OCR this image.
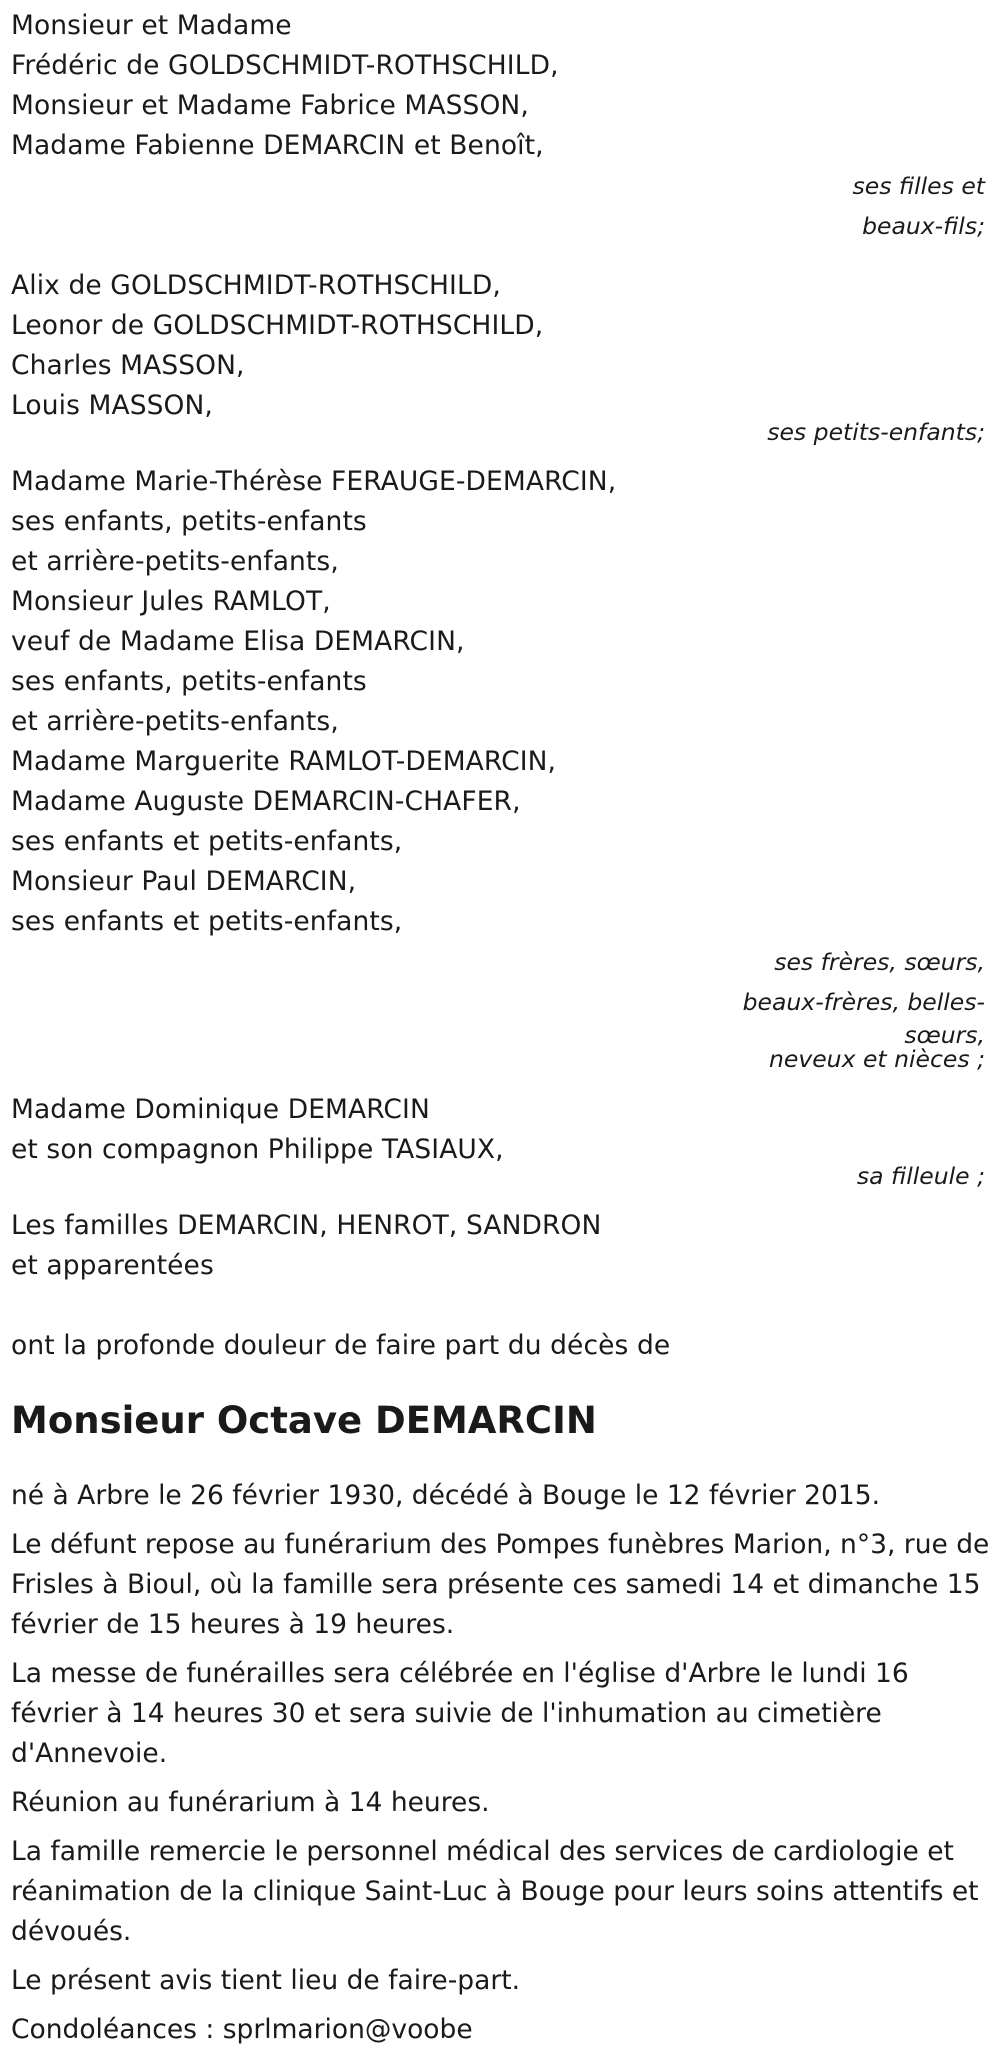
Monsieur et Madame
Frédéric de GOLDSCHMIDT-ROTHSCHILD,
Monsieur et Madame Fabrice MASSON,
Madame Fabienne DEMARCIN et Benoît,
ses filles et
beaux-fils;
Alix de GOLDSCHMIDT-ROTHSCHILD,
Leonor de GOLDSCHMIDT-ROTHSCHILD,
Charles MASSON,
Louis MASSON,
ses petits-enfants;
Madame Marie-Thérèse FERAUGE-DEMARCIN,
ses enfants, petits-enfants
et arrière-petits-enfants,
Monsieur Jules RAMLOT,
veuf de Madame Elisa DEMARCIN,
ses enfants, petits-enfants
et arrière-petits-enfants,
Madame Marguerite RAMLOT-DEMARCIN,
Madame Auguste DEMARCIN-CHAFER,
ses enfants et petits-enfants,
Monsieur Paul DEMARCIN,
ses enfants et petits-enfants,
ses frères, sœurs,
beaux-frères, belles-
sœurs,
neveux et nièces ;
Madame Dominique DEMARCIN
et son compagnon Philippe TASIAUX,
sa filleule ;
Les familles DEMARCIN, HENROT, SANDRON
et apparentées
ont la profonde douleur de faire part du décès de
Monsieur Octave DEMARCIN

né à Arbre le 26 février 1930, décédé à Bouge le 12 février 2015.

Le défunt repose au funérarium des Pompes funèbres Marion, n°3, rue de Frisles à Bioul, où la famille sera présente ces samedi 14 et dimanche 15 février de 15 heures à 19 heures.

La messe de funérailles sera célébrée en l'église d'Arbre le lundi 16 février à 14 heures 30 et sera suivie de l'inhumation au cimetière d'Annevoie.

Réunion au funérarium à 14 heures.

La famille remercie le personnel médical des services de cardiologie et réanimation de la clinique Saint-Luc à Bouge pour leurs soins attentifs et dévoués.

Le présent avis tient lieu de faire-part.

Condoléances : sprlmarion@voobe
